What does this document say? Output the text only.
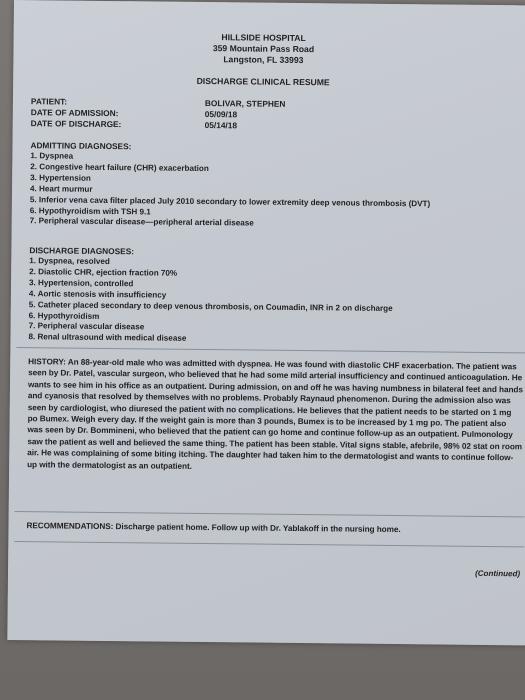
HILLSIDE HOSPITAL
359 Mountain Pass Road
Langston, FL 33993
DISCHARGE CLINICAL RESUME
PATIENT:	BOLIVAR, STEPHEN
DATE OF ADMISSION:	05/09/18
DATE OF DISCHARGE:	05/14/18
ADMITTING DIAGNOSES:
1. Dyspnea
2. Congestive heart failure (CHR) exacerbation
3. Hypertension
4. Heart murmur
5. Inferior vena cava filter placed July 2010 secondary to lower extremity deep venous thrombosis (DVT)
6. Hypothyroidism with TSH 9.1
7. Peripheral vascular disease—peripheral arterial disease
DISCHARGE DIAGNOSES:
1. Dyspnea, resolved
2. Diastolic CHR, ejection fraction 70%
3. Hypertension, controlled
4. Aortic stenosis with insufficiency
5. Catheter placed secondary to deep venous thrombosis, on Coumadin, INR in 2 on discharge
6. Hypothyroidism
7. Peripheral vascular disease
8. Renal ultrasound with medical disease
HISTORY: An 88-year-old male who was admitted with dyspnea. He was found with diastolic CHF exacerbation. The patient was seen by Dr. Patel, vascular surgeon, who believed that he had some mild arterial insufficiency and continued anticoagulation. He wants to see him in his office as an outpatient. During admission, on and off he was having numbness in bilateral feet and hands and cyanosis that resolved by themselves with no problems. Probably Raynaud phenomenon. During the admission also was seen by cardiologist, who diuresed the patient with no complications. He believes that the patient needs to be started on 1 mg po Bumex. Weigh every day. If the weight gain is more than 3 pounds, Bumex is to be increased by 1 mg po. The patient also was seen by Dr. Bommineni, who believed that the patient can go home and continue follow-up as an outpatient. Pulmonology saw the patient as well and believed the same thing. The patient has been stable. Vital signs stable, afebrile, 98% 02 stat on room air. He was complaining of some biting itching. The daughter had taken him to the dermatologist and wants to continue follow-up with the dermatologist as an outpatient.
RECOMMENDATIONS: Discharge patient home. Follow up with Dr. Yablakoff in the nursing home.
(Continued)
